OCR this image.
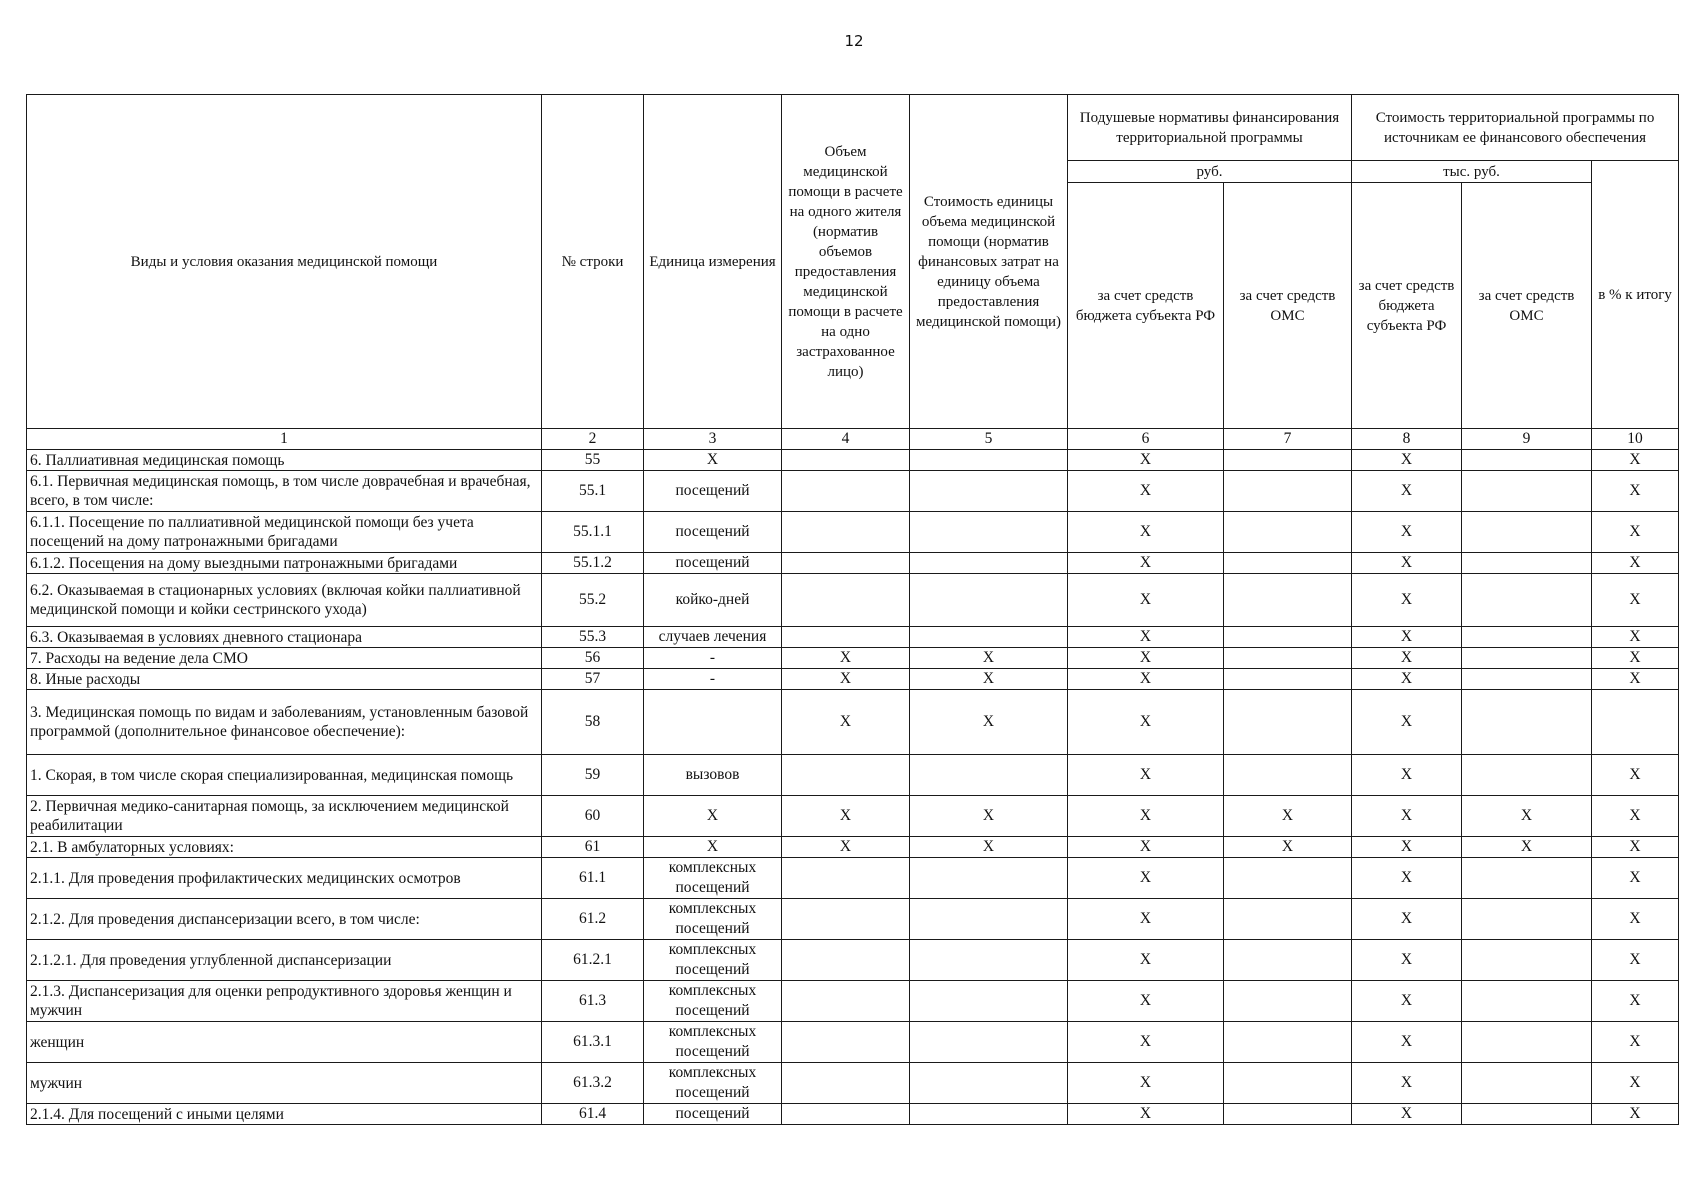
12
Виды и условия оказания медицинской помощи	№ строки	Единица измерения	Объем медицинской помощи в расчете на одного жителя (норматив объемов предоставления медицинской помощи в расчете на одно застрахованное лицо)	Стоимость единицы объема медицинской помощи (норматив финансовых затрат на единицу объема предоставления медицинской помощи)	Подушевые нормативы финансирования территориальной программы		Стоимость территориальной программы по источникам ее финансового обеспечения		
					руб.		тыс. руб.		в % к итогу
					за счет средств бюджета субъекта РФ	за счет средств ОМС	за счет средств бюджета субъекта РФ	за счет средств ОМС	
1	2	3	4	5	6	7	8	9	10
6. Паллиативная медицинская помощь	55	X			X		X		X
6.1. Первичная медицинская помощь, в том числе доврачебная и врачебная, всего, в том числе:	55.1	посещений			X		X		X
6.1.1. Посещение по паллиативной медицинской помощи без учета посещений на дому патронажными бригадами	55.1.1	посещений			X		X		X
6.1.2. Посещения на дому выездными патронажными бригадами	55.1.2	посещений			X		X		X
6.2. Оказываемая в стационарных условиях (включая койки паллиативной медицинской помощи и койки сестринского ухода)	55.2	койко-дней			X		X		X
6.3. Оказываемая в условиях дневного стационара	55.3	случаев лечения			X		X		X
7. Расходы на ведение дела СМО	56	-	X	X	X		X		X
8. Иные расходы	57	-	X	X	X		X		X
3. Медицинская помощь по видам и заболеваниям, установленным базовой программой (дополнительное финансовое обеспечение):	58		X	X	X		X		
1. Скорая, в том числе скорая специализированная, медицинская помощь	59	вызовов			X		X		X
2. Первичная медико-санитарная помощь, за исключением медицинской реабилитации	60	X	X	X	X	X	X	X	X
2.1. В амбулаторных условиях:	61	X	X	X	X	X	X	X	X
2.1.1. Для проведения профилактических медицинских осмотров	61.1	комплексных посещений			X		X		X
2.1.2. Для проведения диспансеризации всего, в том числе:	61.2	комплексных посещений			X		X		X
2.1.2.1. Для проведения углубленной диспансеризации	61.2.1	комплексных посещений			X		X		X
2.1.3. Диспансеризация для оценки репродуктивного здоровья женщин и мужчин	61.3	комплексных посещений			X		X		X
женщин	61.3.1	комплексных посещений			X		X		X
мужчин	61.3.2	комплексных посещений			X		X		X
2.1.4. Для посещений с иными целями	61.4	посещений			X		X		X
